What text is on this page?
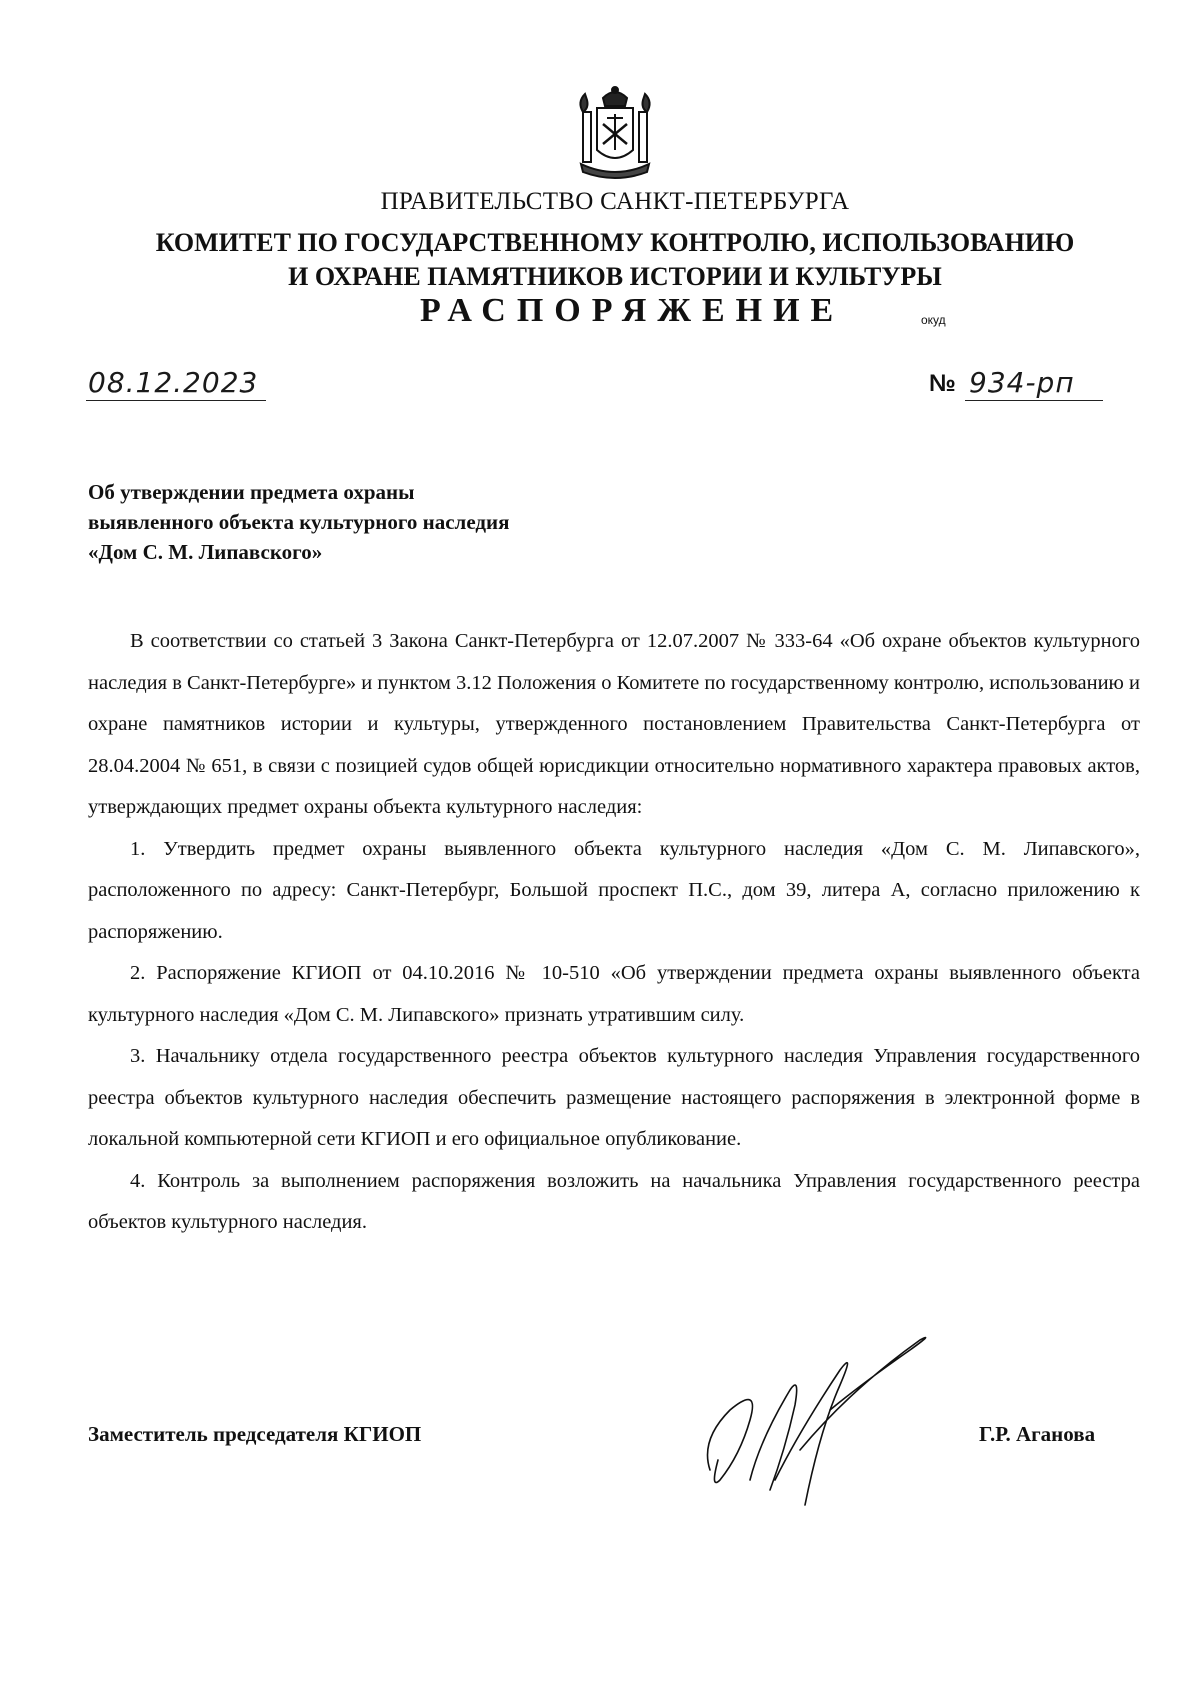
ПРАВИТЕЛЬСТВО САНКТ-ПЕТЕРБУРГА
КОМИТЕТ ПО ГОСУДАРСТВЕННОМУ КОНТРОЛЮ, ИСПОЛЬЗОВАНИЮ
И ОХРАНЕ ПАМЯТНИКОВ ИСТОРИИ И КУЛЬТУРЫ
РАСПОРЯЖЕНИЕ	окуд
08.12.2023	№ 934-рп
Об утверждении предмета охраны
выявленного объекта культурного наследия
«Дом С. М. Липавского»

В соответствии со статьей 3 Закона Санкт-Петербурга от 12.07.2007 № 333-64 «Об охране объектов культурного наследия в Санкт-Петербурге» и пунктом 3.12 Положения о Комитете по государственному контролю, использованию и охране памятников истории и культуры, утвержденного постановлением Правительства Санкт-Петербурга от 28.04.2004 № 651, в связи с позицией судов общей юрисдикции относительно нормативного характера правовых актов, утверждающих предмет охраны объекта культурного наследия:

1. Утвердить предмет охраны выявленного объекта культурного наследия «Дом С. М. Липавского», расположенного по адресу: Санкт-Петербург, Большой проспект П.С., дом 39, литера А, согласно приложению к распоряжению.

2. Распоряжение КГИОП от 04.10.2016 № 10-510 «Об утверждении предмета охраны выявленного объекта культурного наследия «Дом С. М. Липавского» признать утратившим силу.

3. Начальнику отдела государственного реестра объектов культурного наследия Управления государственного реестра объектов культурного наследия обеспечить размещение настоящего распоряжения в электронной форме в локальной компьютерной сети КГИОП и его официальное опубликование.

4. Контроль за выполнением распоряжения возложить на начальника Управления государственного реестра объектов культурного наследия.

Заместитель председателя КГИОП	Г.Р. Аганова
